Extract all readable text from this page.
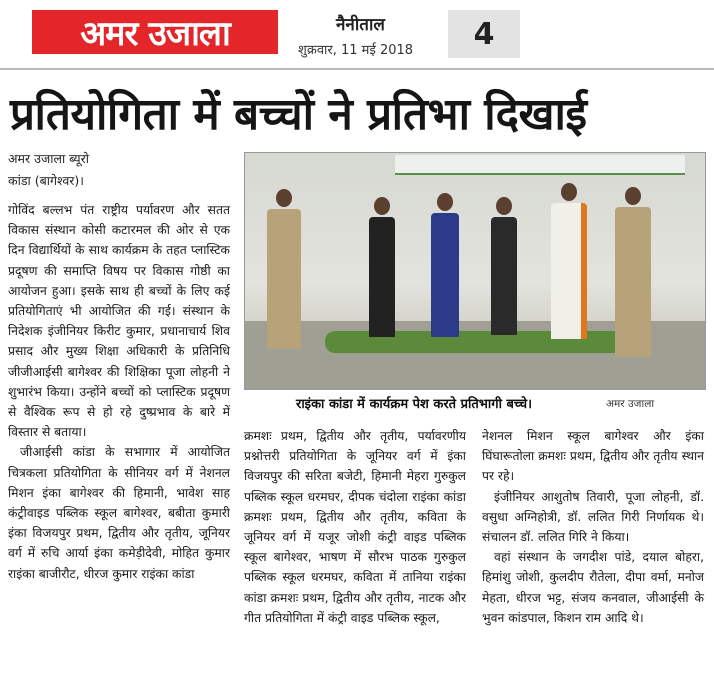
अमर उजाला	नैनीताल
शुक्रवार, 11 मई 2018	4
प्रतियोगिता में बच्चों ने प्रतिभा दिखाई
अमर उजाला ब्यूरो
कांडा (बागेश्वर)।
राइंका कांडा में कार्यक्रम पेश करते प्रतिभागी बच्चे।	अमर उजाला

गोविंद बल्लभ पंत राष्ट्रीय पर्यावरण और सतत विकास संस्थान कोसी कटारमल की ओर से एक दिन विद्यार्थियों के साथ कार्यक्रम के तहत प्लास्टिक प्रदूषण की समाप्ति विषय पर विकास गोष्ठी का आयोजन हुआ। इसके साथ ही बच्चों के लिए कई प्रतियोगिताएं भी आयोजित की गई। संस्थान के निदेशक इंजीनियर किरीट कुमार, प्रधानाचार्य शिव प्रसाद और मुख्य शिक्षा अधिकारी के प्रतिनिधि जीजीआईसी बागेश्वर की शिक्षिका पूजा लोहनी ने शुभारंभ किया। उन्होंने बच्चों को प्लास्टिक प्रदूषण से वैश्विक रूप से हो रहे दुष्प्रभाव के बारे में विस्तार से बताया।

जीआईसी कांडा के सभागार में आयोजित चित्रकला प्रतियोगिता के सीनियर वर्ग में नेशनल मिशन इंका बागेश्वर की हिमानी, भावेश साह कंट्रीवाइड पब्लिक स्कूल बागेश्वर, बबीता कुमारी इंका विजयपुर प्रथम, द्वितीय और तृतीय, जूनियर वर्ग में रुचि आर्या इंका कमेड़ीदेवी, मोहित कुमार राइंका बाजीरौट, धीरज कुमार राइंका कांडा

क्रमशः प्रथम, द्वितीय और तृतीय, पर्यावरणीय प्रश्नोत्तरी प्रतियोगिता के जूनियर वर्ग में इंका विजयपुर की सरिता बजेटी, हिमानी मेहरा गुरुकुल पब्लिक स्कूल धरमघर, दीपक चंदोला राइंका कांडा क्रमशः प्रथम, द्वितीय और तृतीय, कविता के जूनियर वर्ग में यजूर जोशी कंट्री वाइड पब्लिक स्कूल बागेश्वर, भाषण में सौरभ पाठक गुरुकुल पब्लिक स्कूल धरमघर, कविता में तानिया राइंका कांडा क्रमशः प्रथम, द्वितीय और तृतीय, नाटक और गीत प्रतियोगिता में कंट्री वाइड पब्लिक स्कूल,

नेशनल मिशन स्कूल बागेश्वर और इंका घिंघारूतोला क्रमशः प्रथम, द्वितीय और तृतीय स्थान पर रहे।

इंजीनियर आशुतोष तिवारी, पूजा लोहनी, डॉ. वसुधा अग्निहोत्री, डॉ. ललित गिरी निर्णायक थे। संचालन डॉ. ललित गिरि ने किया।

वहां संस्थान के जगदीश पांडे, दयाल बोहरा, हिमांशु जोशी, कुलदीप रौतेला, दीपा वर्मा, मनोज मेहता, धीरज भट्ट, संजय कनवाल, जीआईसी के भुवन कांडपाल, किशन राम आदि थे।
